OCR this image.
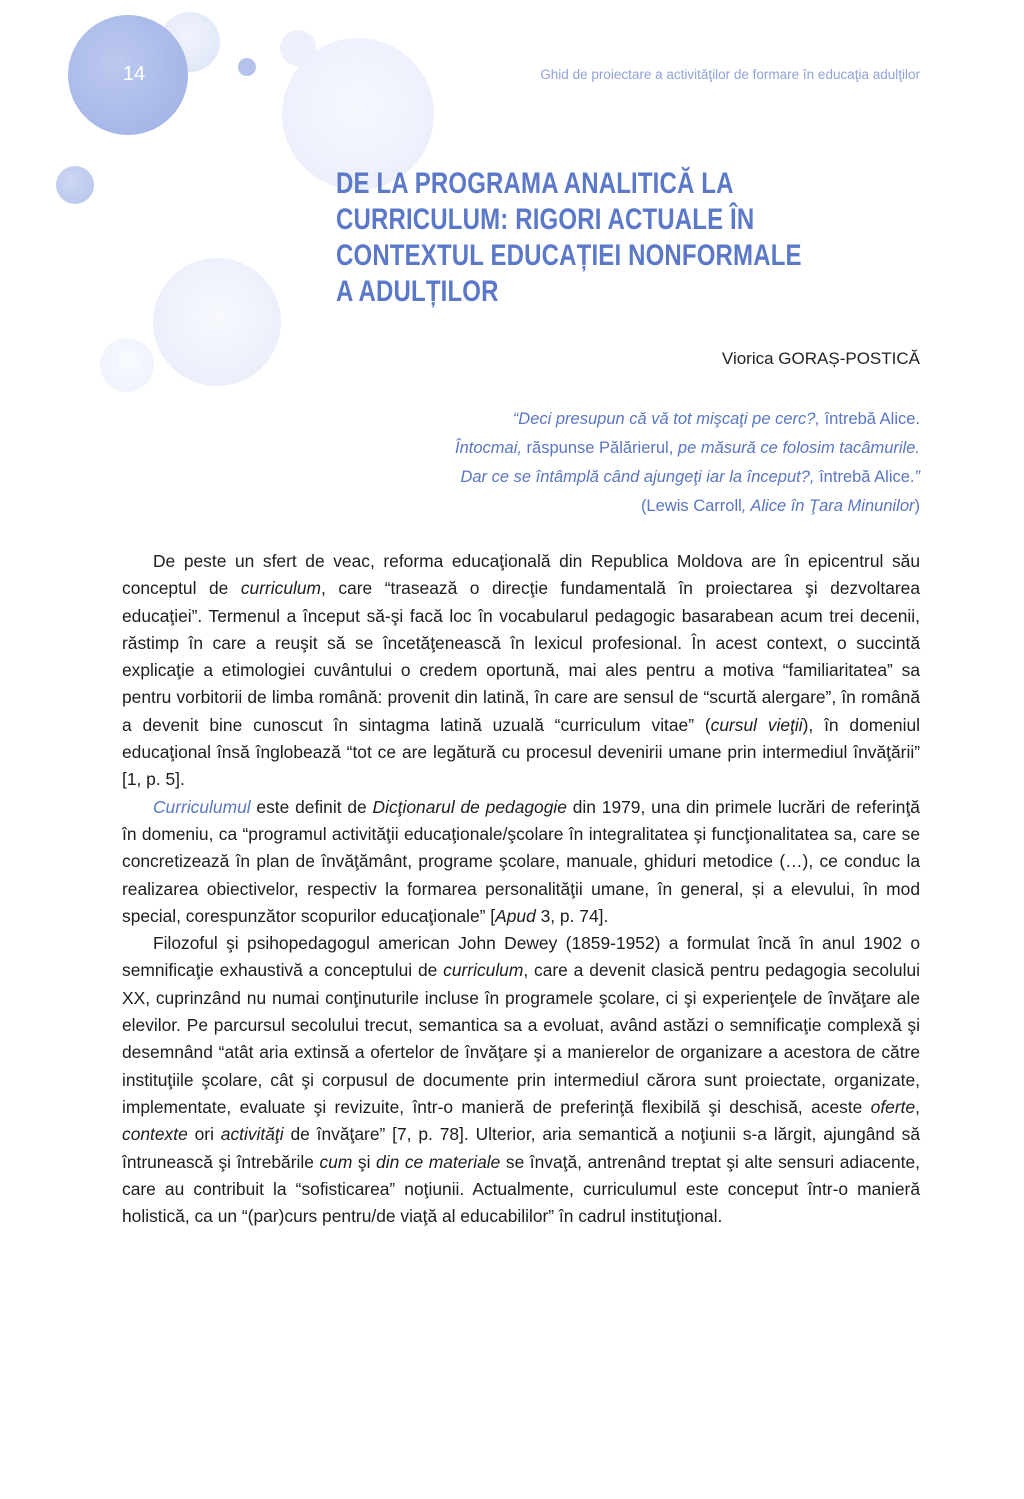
14	Ghid de proiectare a activităţilor de formare în educaţia adulţilor
DE LA PROGRAMA ANALITICĂ LA CURRICULUM: RIGORI ACTUALE ÎN CONTEXTUL EDUCAȚIEI NONFORMALE A ADULȚILOR
Viorica GORAȘ-POSTICĂ
“Deci presupun că vă tot mişcaţi pe cerc?, întrebă Alice.
Întocmai, răspunse Pălărierul, pe măsură ce folosim tacâmurile.
Dar ce se întâmplă când ajungeţi iar la început?, întrebă Alice.”
(Lewis Carroll, Alice în Ţara Minunilor)

De peste un sfert de veac, reforma educaţională din Republica Moldova are în epicentrul său conceptul de curriculum, care “trasează o direcţie fundamentală în proiectarea şi dezvoltarea educaţiei”. Termenul a început să-şi facă loc în vocabularul pedagogic basarabean acum trei decenii, răstimp în care a reuşit să se încetăţenească în lexicul profesional. În acest context, o succintă explicaţie a etimologiei cuvântului o credem oportună, mai ales pentru a motiva “familiaritatea” sa pentru vorbitorii de limba română: provenit din latină, în care are sensul de “scurtă alergare”, în română a devenit bine cunoscut în sintagma latină uzuală “curriculum vitae” (cursul vieţii), în domeniul educaţional însă înglobează “tot ce are legătură cu procesul devenirii umane prin intermediul învăţării” [1, p. 5].

Curriculumul este definit de Dicţionarul de pedagogie din 1979, una din primele lucrări de referinţă în domeniu, ca “programul activităţii educaţionale/şcolare în integralitatea şi funcţionalitatea sa, care se concretizează în plan de învăţământ, programe şcolare, manuale, ghiduri metodice (…), ce conduc la realizarea obiectivelor, respectiv la formarea personalităţii umane, în general, și a elevului, în mod special, corespunzător scopurilor educaţionale” [Apud 3, p. 74].

Filozoful şi psihopedagogul american John Dewey (1859-1952) a formulat încă în anul 1902 o semnificaţie exhaustivă a conceptului de curriculum, care a devenit clasică pentru pedagogia secolului XX, cuprinzând nu numai conţinuturile incluse în programele şcolare, ci şi experienţele de învăţare ale elevilor. Pe parcursul secolului trecut, semantica sa a evoluat, având astăzi o semnificaţie complexă şi desemnând “atât aria extinsă a ofertelor de învăţare şi a manierelor de organizare a acestora de către instituţiile şcolare, cât şi corpusul de documente prin intermediul cărora sunt proiectate, organizate, implementate, evaluate şi revizuite, într-o manieră de preferinţă flexibilă şi deschisă, aceste oferte, contexte ori activităţi de învăţare” [7, p. 78]. Ulterior, aria semantică a noţiunii s-a lărgit, ajungând să întrunească şi întrebările cum şi din ce materiale se învaţă, antrenând treptat şi alte sensuri adiacente, care au contribuit la “sofisticarea” noţiunii. Actualmente, curriculumul este conceput într-o manieră holistică, ca un “(par)curs pentru/de viaţă al educabililor” în cadrul instituţional.
